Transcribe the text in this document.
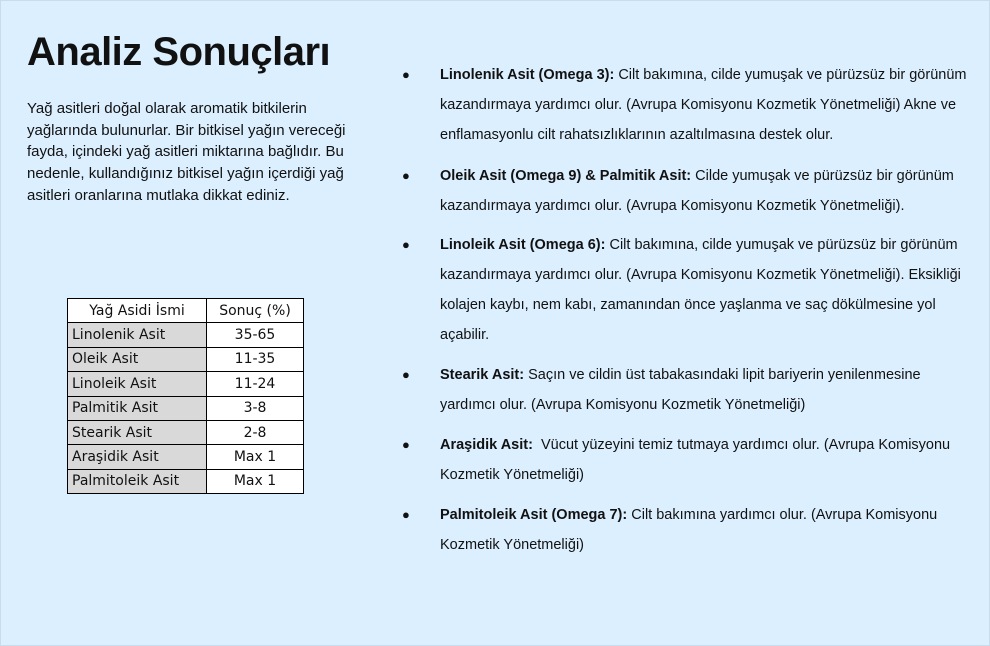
Analiz Sonuçları

Yağ asitleri doğal olarak aromatik bitkilerin yağlarında bulunurlar. Bir bitkisel yağın vereceği fayda, içindeki yağ asitleri miktarına bağlıdır. Bu nedenle, kullandığınız bitkisel yağın içerdiği yağ asitleri oranlarına mutlaka dikkat ediniz.

Yağ Asidi İsmi	Sonuç (%)
Linolenik Asit	35-65
Oleik Asit	11-35
Linoleik Asit	11-24
Palmitik Asit	3-8
Stearik Asit	2-8
Araşidik Asit	Max 1
Palmitoleik Asit	Max 1
● Linolenik Asit (Omega 3): Cilt bakımına, cilde yumuşak ve pürüzsüz bir görünüm kazandırmaya yardımcı olur. (Avrupa Komisyonu Kozmetik Yönetmeliği) Akne ve enflamasyonlu cilt rahatsızlıklarının azaltılmasına destek olur.
● Oleik Asit (Omega 9) & Palmitik Asit: Cilde yumuşak ve pürüzsüz bir görünüm kazandırmaya yardımcı olur. (Avrupa Komisyonu Kozmetik Yönetmeliği).
● Linoleik Asit (Omega 6): Cilt bakımına, cilde yumuşak ve pürüzsüz bir görünüm kazandırmaya yardımcı olur. (Avrupa Komisyonu Kozmetik Yönetmeliği). Eksikliği kolajen kaybı, nem kabı, zamanından önce yaşlanma ve saç dökülmesine yol açabilir.
● Stearik Asit: Saçın ve cildin üst tabakasındaki lipit bariyerin yenilenmesine yardımcı olur. (Avrupa Komisyonu Kozmetik Yönetmeliği)
● Araşidik Asit:  Vücut yüzeyini temiz tutmaya yardımcı olur. (Avrupa Komisyonu Kozmetik Yönetmeliği)
● Palmitoleik Asit (Omega 7): Cilt bakımına yardımcı olur. (Avrupa Komisyonu Kozmetik Yönetmeliği)
